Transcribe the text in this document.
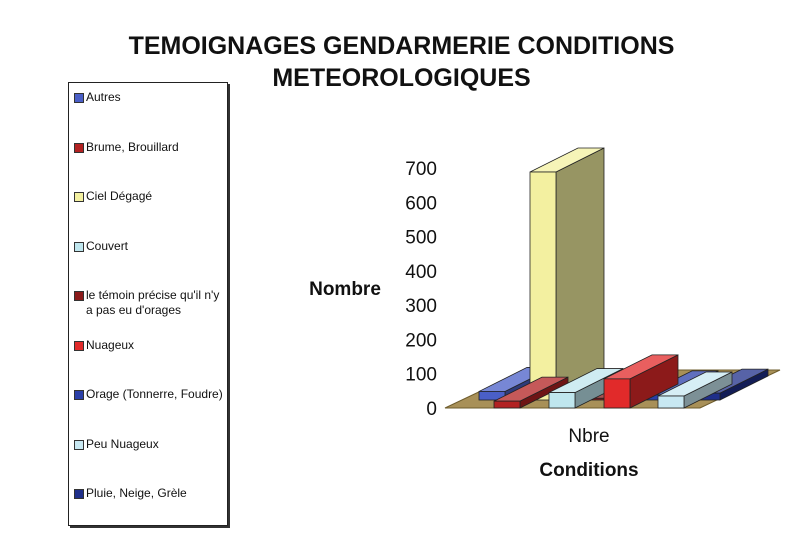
TEMOIGNAGES GENDARMERIE CONDITIONS
METEOROLOGIQUES
Autres
Brume, Brouillard
Ciel Dégagé
Couvert
le témoin précise qu'il n'y a pas eu d'orages
Nuageux
Orage (Tonnerre, Foudre)
Peu Nuageux
Pluie, Neige, Grèle
0
100
200
300
400
500
600
700
Nombre
Conditions
Nbre
